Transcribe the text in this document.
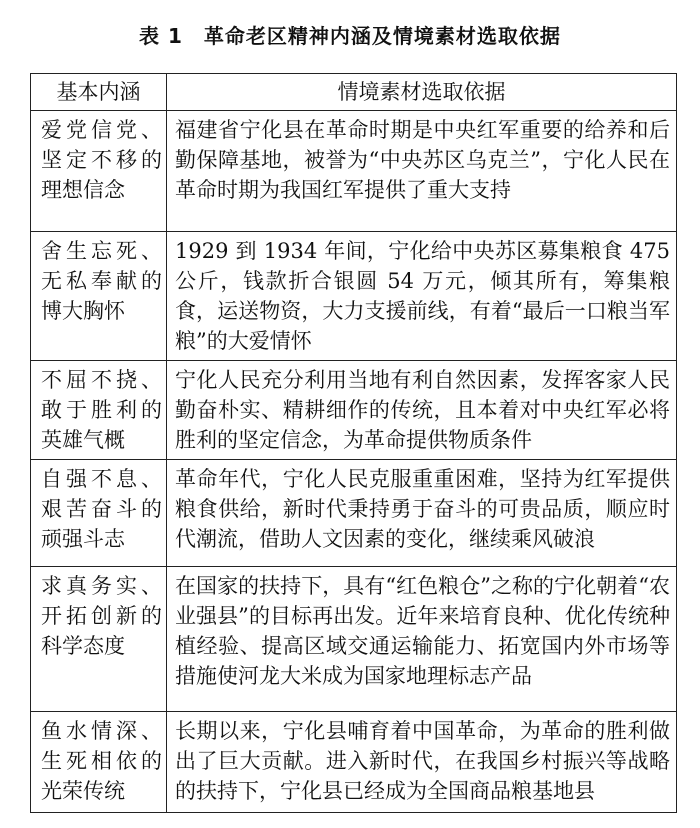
表 1　革命老区精神内涵及情境素材选取依据
基本内涵	情境素材选取依据

爱党信党、
坚定不移的
理想信念	福建省宁化县在革命时期是中央红军重要的给养和后勤保障基地，被誉为“中央苏区乌克兰”，宁化人民在革命时期为我国红军提供了重大支持

舍生忘死、
无私奉献的
博大胸怀	1929 到 1934 年间，宁化给中央苏区募集粮食 475 公斤，钱款折合银圆 54 万元，倾其所有，筹集粮食，运送物资，大力支援前线，有着“最后一口粮当军粮”的大爱情怀

不屈不挠、
敢于胜利的
英雄气概	宁化人民充分利用当地有利自然因素，发挥客家人民勤奋朴实、精耕细作的传统，且本着对中央红军必将胜利的坚定信念，为革命提供物质条件

自强不息、
艰苦奋斗的
顽强斗志	革命年代，宁化人民克服重重困难，坚持为红军提供粮食供给，新时代秉持勇于奋斗的可贵品质，顺应时代潮流，借助人文因素的变化，继续乘风破浪

求真务实、
开拓创新的
科学态度	在国家的扶持下，具有“红色粮仓”之称的宁化朝着“农业强县”的目标再出发。近年来培育良种、优化传统种植经验、提高区域交通运输能力、拓宽国内外市场等措施使河龙大米成为国家地理标志产品

鱼水情深、
生死相依的
光荣传统	长期以来，宁化县哺育着中国革命，为革命的胜利做出了巨大贡献。进入新时代，在我国乡村振兴等战略的扶持下，宁化县已经成为全国商品粮基地县
